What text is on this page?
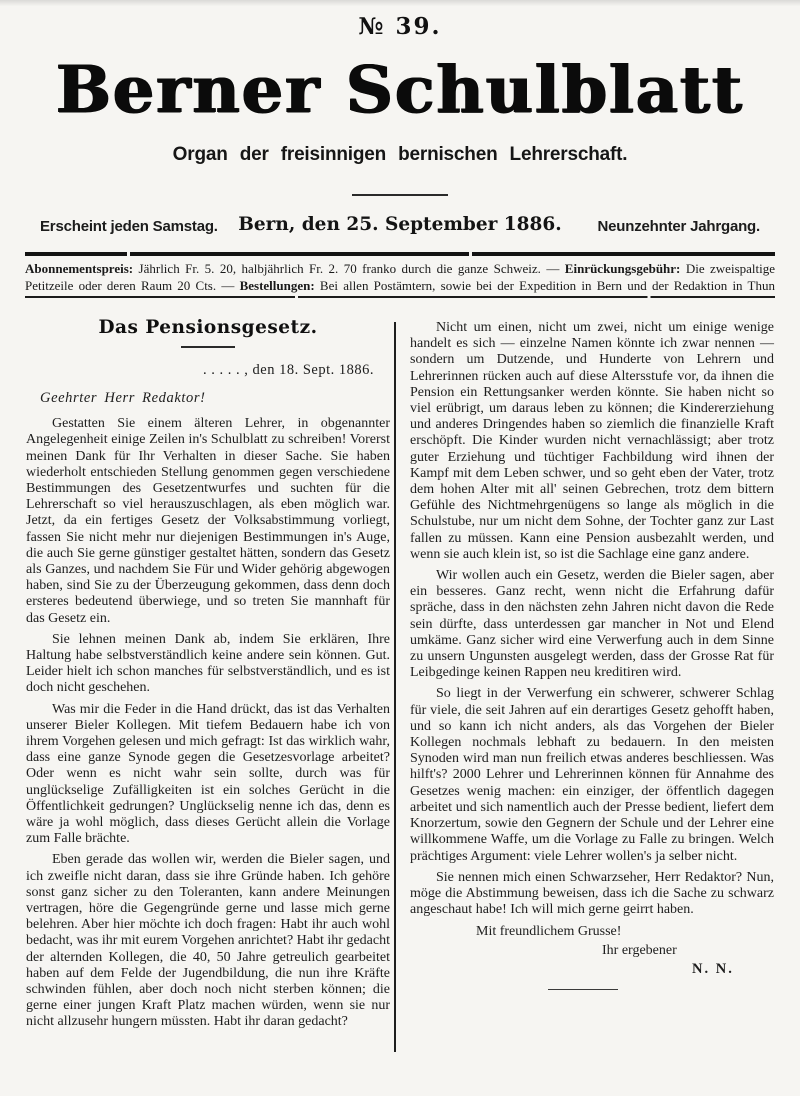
№ 39.
Berner Schulblatt
Organ der freisinnigen bernischen Lehrerschaft.
Erscheint jeden Samstag.	Bern, den 25. September 1886.	Neunzehnter Jahrgang.
Abonnementspreis: Jährlich Fr. 5. 20, halbjährlich Fr. 2. 70 franko durch die ganze Schweiz. — Einrückungsgebühr: Die zweispaltige Petitzeile oder deren Raum 20 Cts. — Bestellungen: Bei allen Postämtern, sowie bei der Expedition in Bern und der Redaktion in Thun
Das Pensionsgesetz.
. . . . . , den 18. Sept. 1886.
Geehrter Herr Redaktor!

Gestatten Sie einem älteren Lehrer, in obgenannter Angelegenheit einige Zeilen in's Schulblatt zu schreiben! Vorerst meinen Dank für Ihr Verhalten in dieser Sache. Sie haben wiederholt entschieden Stellung genommen gegen verschiedene Bestimmungen des Gesetzentwurfes und suchten für die Lehrerschaft so viel herauszuschlagen, als eben möglich war. Jetzt, da ein fertiges Gesetz der Volksabstimmung vorliegt, fassen Sie nicht mehr nur diejenigen Bestimmungen in's Auge, die auch Sie gerne günstiger gestaltet hätten, sondern das Gesetz als Ganzes, und nachdem Sie Für und Wider gehörig abgewogen haben, sind Sie zu der Überzeugung gekommen, dass denn doch ersteres bedeutend überwiege, und so treten Sie mannhaft für das Gesetz ein.

Sie lehnen meinen Dank ab, indem Sie erklären, Ihre Haltung habe selbstverständlich keine andere sein können. Gut. Leider hielt ich schon manches für selbstverständlich, und es ist doch nicht geschehen.

Was mir die Feder in die Hand drückt, das ist das Verhalten unserer Bieler Kollegen. Mit tiefem Bedauern habe ich von ihrem Vorgehen gelesen und mich gefragt: Ist das wirklich wahr, dass eine ganze Synode gegen die Gesetzesvorlage arbeitet? Oder wenn es nicht wahr sein sollte, durch was für unglückselige Zufälligkeiten ist ein solches Gerücht in die Öffentlichkeit gedrungen? Unglückselig nenne ich das, denn es wäre ja wohl möglich, dass dieses Gerücht allein die Vorlage zum Falle brächte.

Eben gerade das wollen wir, werden die Bieler sagen, und ich zweifle nicht daran, dass sie ihre Gründe haben. Ich gehöre sonst ganz sicher zu den Toleranten, kann andere Meinungen vertragen, höre die Gegengründe gerne und lasse mich gerne belehren. Aber hier möchte ich doch fragen: Habt ihr auch wohl bedacht, was ihr mit eurem Vorgehen anrichtet? Habt ihr gedacht der alternden Kollegen, die 40, 50 Jahre getreulich gearbeitet haben auf dem Felde der Jugendbildung, die nun ihre Kräfte schwinden fühlen, aber doch noch nicht sterben können; die gerne einer jungen Kraft Platz machen würden, wenn sie nur nicht allzusehr hungern müssten. Habt ihr daran gedacht?

Nicht um einen, nicht um zwei, nicht um einige wenige handelt es sich — einzelne Namen könnte ich zwar nennen — sondern um Dutzende, und Hunderte von Lehrern und Lehrerinnen rücken auch auf diese Altersstufe vor, da ihnen die Pension ein Rettungsanker werden könnte. Sie haben nicht so viel erübrigt, um daraus leben zu können; die Kindererziehung und anderes Dringendes haben so ziemlich die finanzielle Kraft erschöpft. Die Kinder wurden nicht vernachlässigt; aber trotz guter Erziehung und tüchtiger Fachbildung wird ihnen der Kampf mit dem Leben schwer, und so geht eben der Vater, trotz dem hohen Alter mit all' seinen Gebrechen, trotz dem bittern Gefühle des Nichtmehrgenügens so lange als möglich in die Schulstube, nur um nicht dem Sohne, der Tochter ganz zur Last fallen zu müssen. Kann eine Pension ausbezahlt werden, und wenn sie auch klein ist, so ist die Sachlage eine ganz andere.

Wir wollen auch ein Gesetz, werden die Bieler sagen, aber ein besseres. Ganz recht, wenn nicht die Erfahrung dafür spräche, dass in den nächsten zehn Jahren nicht davon die Rede sein dürfte, dass unterdessen gar mancher in Not und Elend umkäme. Ganz sicher wird eine Verwerfung auch in dem Sinne zu unsern Ungunsten ausgelegt werden, dass der Grosse Rat für Leibgedinge keinen Rappen neu kreditiren wird.

So liegt in der Verwerfung ein schwerer, schwerer Schlag für viele, die seit Jahren auf ein derartiges Gesetz gehofft haben, und so kann ich nicht anders, als das Vorgehen der Bieler Kollegen nochmals lebhaft zu bedauern. In den meisten Synoden wird man nun freilich etwas anderes beschliessen. Was hilft's? 2000 Lehrer und Lehrerinnen können für Annahme des Gesetzes wenig machen: ein einziger, der öffentlich dagegen arbeitet und sich namentlich auch der Presse bedient, liefert dem Knorzertum, sowie den Gegnern der Schule und der Lehrer eine willkommene Waffe, um die Vorlage zu Falle zu bringen. Welch prächtiges Argument: viele Lehrer wollen's ja selber nicht.

Sie nennen mich einen Schwarzseher, Herr Redaktor? Nun, möge die Abstimmung beweisen, dass ich die Sache zu schwarz angeschaut habe! Ich will mich gerne geirrt haben.

Mit freundlichem Grusse!
Ihr ergebener
N. N.
